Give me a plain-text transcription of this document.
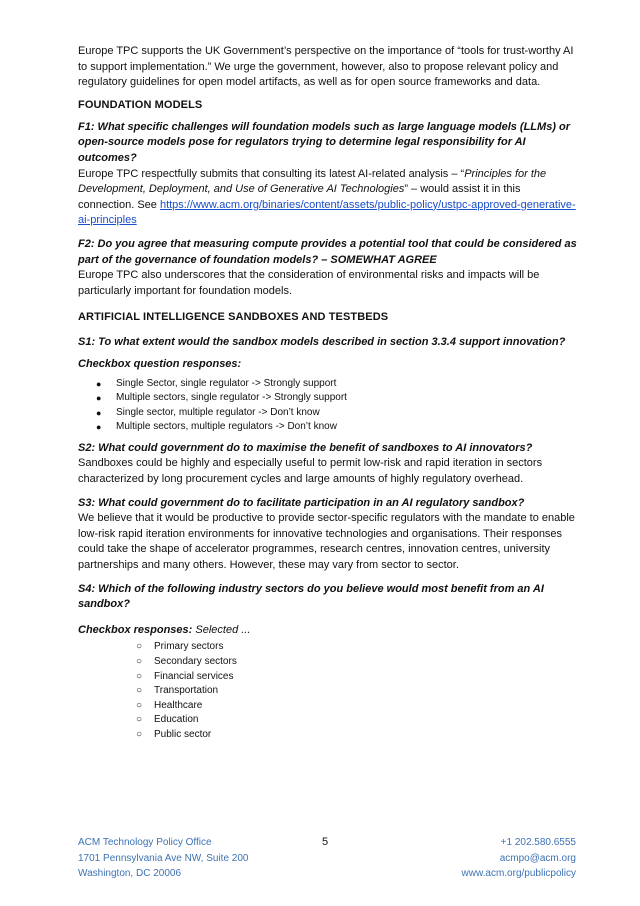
Europe TPC supports the UK Government’s perspective on the importance of “tools for trust-worthy AI to support implementation.” We urge the government, however, also to propose relevant policy and regulatory guidelines for open model artifacts, as well as for open source frameworks and data.

FOUNDATION MODELS

F1: What specific challenges will foundation models such as large language models (LLMs) or open-source models pose for regulators trying to determine legal responsibility for AI outcomes?

Europe TPC respectfully submits that consulting its latest AI-related analysis – “Principles for the Development, Deployment, and Use of Generative AI Technologies” – would assist it in this connection. See https://www.acm.org/binaries/content/assets/public-policy/ustpc-approved-generative-ai-principles

F2: Do you agree that measuring compute provides a potential tool that could be considered as part of the governance of foundation models? – SOMEWHAT AGREE

Europe TPC also underscores that the consideration of environmental risks and impacts will be particularly important for foundation models.

ARTIFICIAL INTELLIGENCE SANDBOXES AND TESTBEDS

S1: To what extent would the sandbox models described in section 3.3.4 support innovation?

Checkbox question responses:

● Single Sector, single regulator -> Strongly support
● Multiple sectors, single regulator -> Strongly support
● Single sector, multiple regulator -> Don’t know
● Multiple sectors, multiple regulators -> Don’t know

S2: What could government do to maximise the benefit of sandboxes to AI innovators?

Sandboxes could be highly and especially useful to permit low-risk and rapid iteration in sectors characterized by long procurement cycles and large amounts of highly regulatory overhead.

S3: What could government do to facilitate participation in an AI regulatory sandbox?

We believe that it would be productive to provide sector-specific regulators with the mandate to enable low-risk rapid iteration environments for innovative technologies and organisations. Their responses could take the shape of accelerator programmes, research centres, innovation centres, university partnerships and many others. However, these may vary from sector to sector.

S4: Which of the following industry sectors do you believe would most benefit from an AI sandbox?

Checkbox responses: Selected ...

○ Primary sectors
○ Secondary sectors
○ Financial services
○ Transportation
○ Healthcare
○ Education
○ Public sector
ACM Technology Policy Office
1701 Pennsylvania Ave NW, Suite 200
Washington, DC 20006
5	+1 202.580.6555
acmpo@acm.org
www.acm.org/publicpolicy
